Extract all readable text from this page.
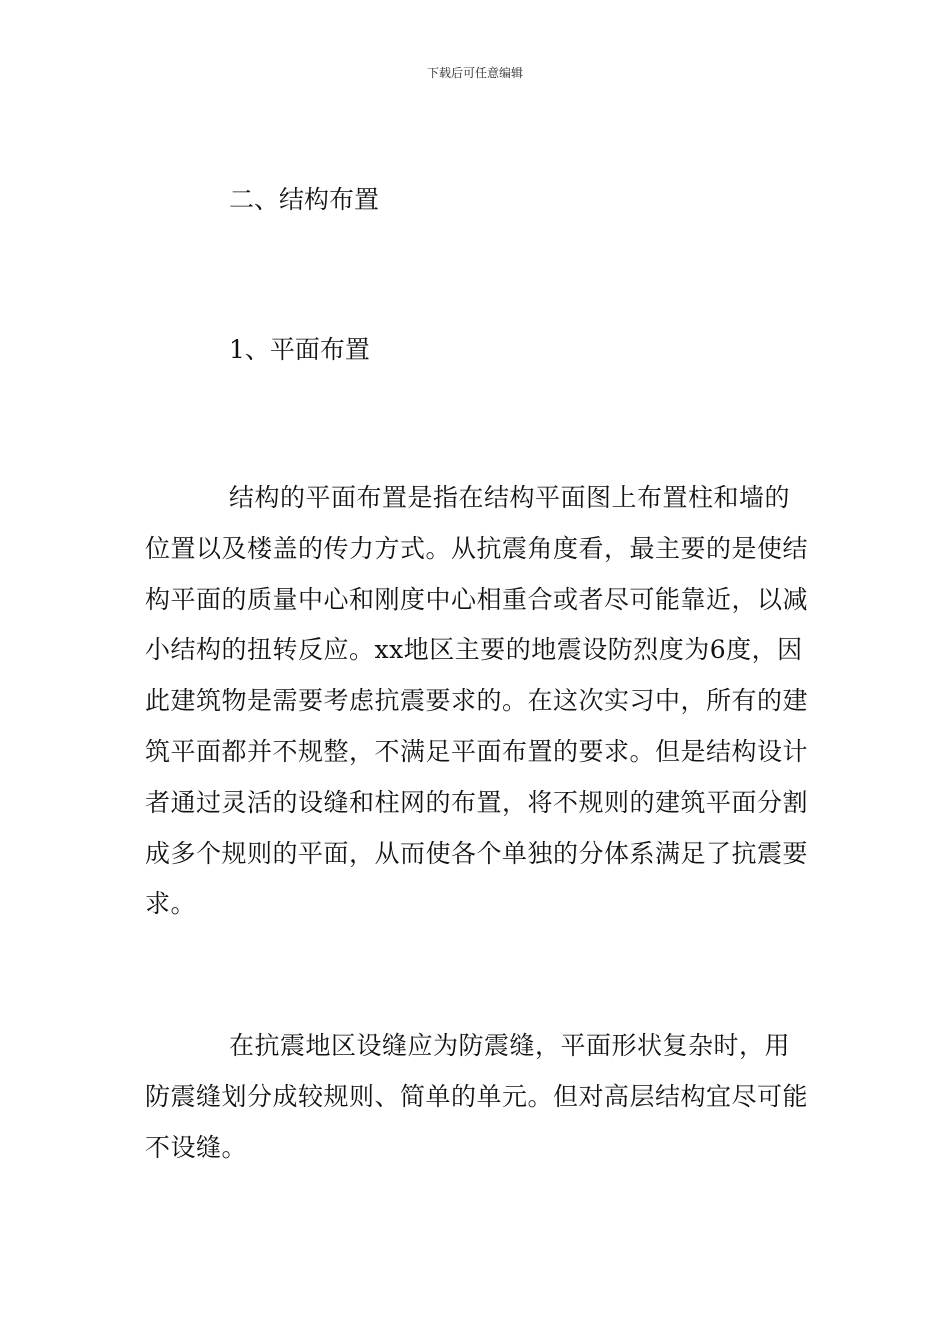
下载后可任意编辑
二、结构布置
1、平面布置

结构的平面布置是指在结构平面图上布置柱和墙的位置以及楼盖的传力方式。从抗震角度看，最主要的是使结构平面的质量中心和刚度中心相重合或者尽可能靠近，以减小结构的扭转反应。xx地区主要的地震设防烈度为6度，因此建筑物是需要考虑抗震要求的。在这次实习中，所有的建筑平面都并不规整，不满足平面布置的要求。但是结构设计者通过灵活的设缝和柱网的布置，将不规则的建筑平面分割成多个规则的平面，从而使各个单独的分体系满足了抗震要求。

在抗震地区设缝应为防震缝，平面形状复杂时，用防震缝划分成较规则、简单的单元。但对高层结构宜尽可能不设缝。
